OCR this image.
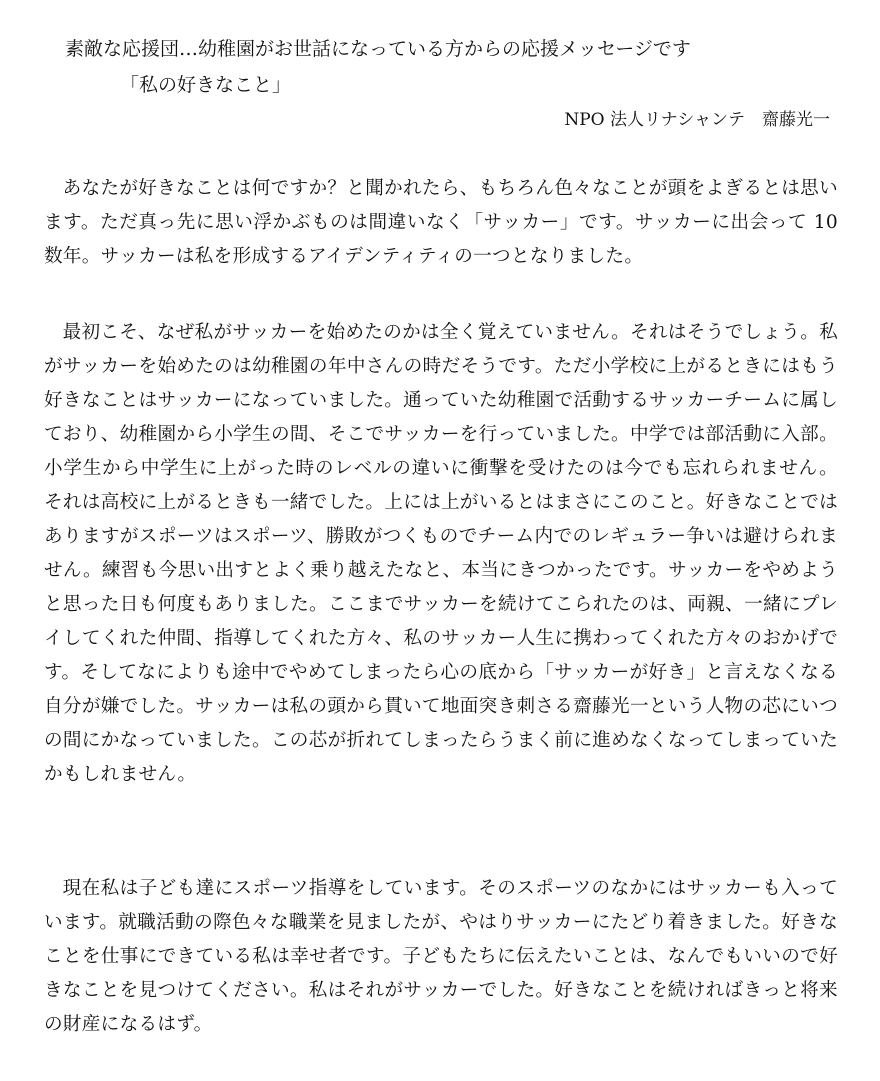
素敵な応援団…幼稚園がお世話になっている方からの応援メッセージです
「私の好きなこと」
NPO 法人リナシャンテ　齋藤光一

あなたが好きなことは何ですか？と聞かれたら、もちろん色々なことが頭をよぎるとは思います。ただ真っ先に思い浮かぶものは間違いなく「サッカー」です。サッカーに出会って 10 数年。サッカーは私を形成するアイデンティティの一つとなりました。

最初こそ、なぜ私がサッカーを始めたのかは全く覚えていません。それはそうでしょう。私がサッカーを始めたのは幼稚園の年中さんの時だそうです。ただ小学校に上がるときにはもう好きなことはサッカーになっていました。通っていた幼稚園で活動するサッカーチームに属しており、幼稚園から小学生の間、そこでサッカーを行っていました。中学では部活動に入部。小学生から中学生に上がった時のレベルの違いに衝撃を受けたのは今でも忘れられません。それは高校に上がるときも一緒でした。上には上がいるとはまさにこのこと。好きなことではありますがスポーツはスポーツ、勝敗がつくものでチーム内でのレギュラー争いは避けられません。練習も今思い出すとよく乗り越えたなと、本当にきつかったです。サッカーをやめようと思った日も何度もありました。ここまでサッカーを続けてこられたのは、両親、一緒にプレイしてくれた仲間、指導してくれた方々、私のサッカー人生に携わってくれた方々のおかげです。そしてなによりも途中でやめてしまったら心の底から「サッカーが好き」と言えなくなる自分が嫌でした。サッカーは私の頭から貫いて地面突き刺さる齋藤光一という人物の芯にいつの間にかなっていました。この芯が折れてしまったらうまく前に進めなくなってしまっていたかもしれません。

現在私は子ども達にスポーツ指導をしています。そのスポーツのなかにはサッカーも入っています。就職活動の際色々な職業を見ましたが、やはりサッカーにたどり着きました。好きなことを仕事にできている私は幸せ者です。子どもたちに伝えたいことは、なんでもいいので好きなことを見つけてください。私はそれがサッカーでした。好きなことを続ければきっと将来の財産になるはず。
